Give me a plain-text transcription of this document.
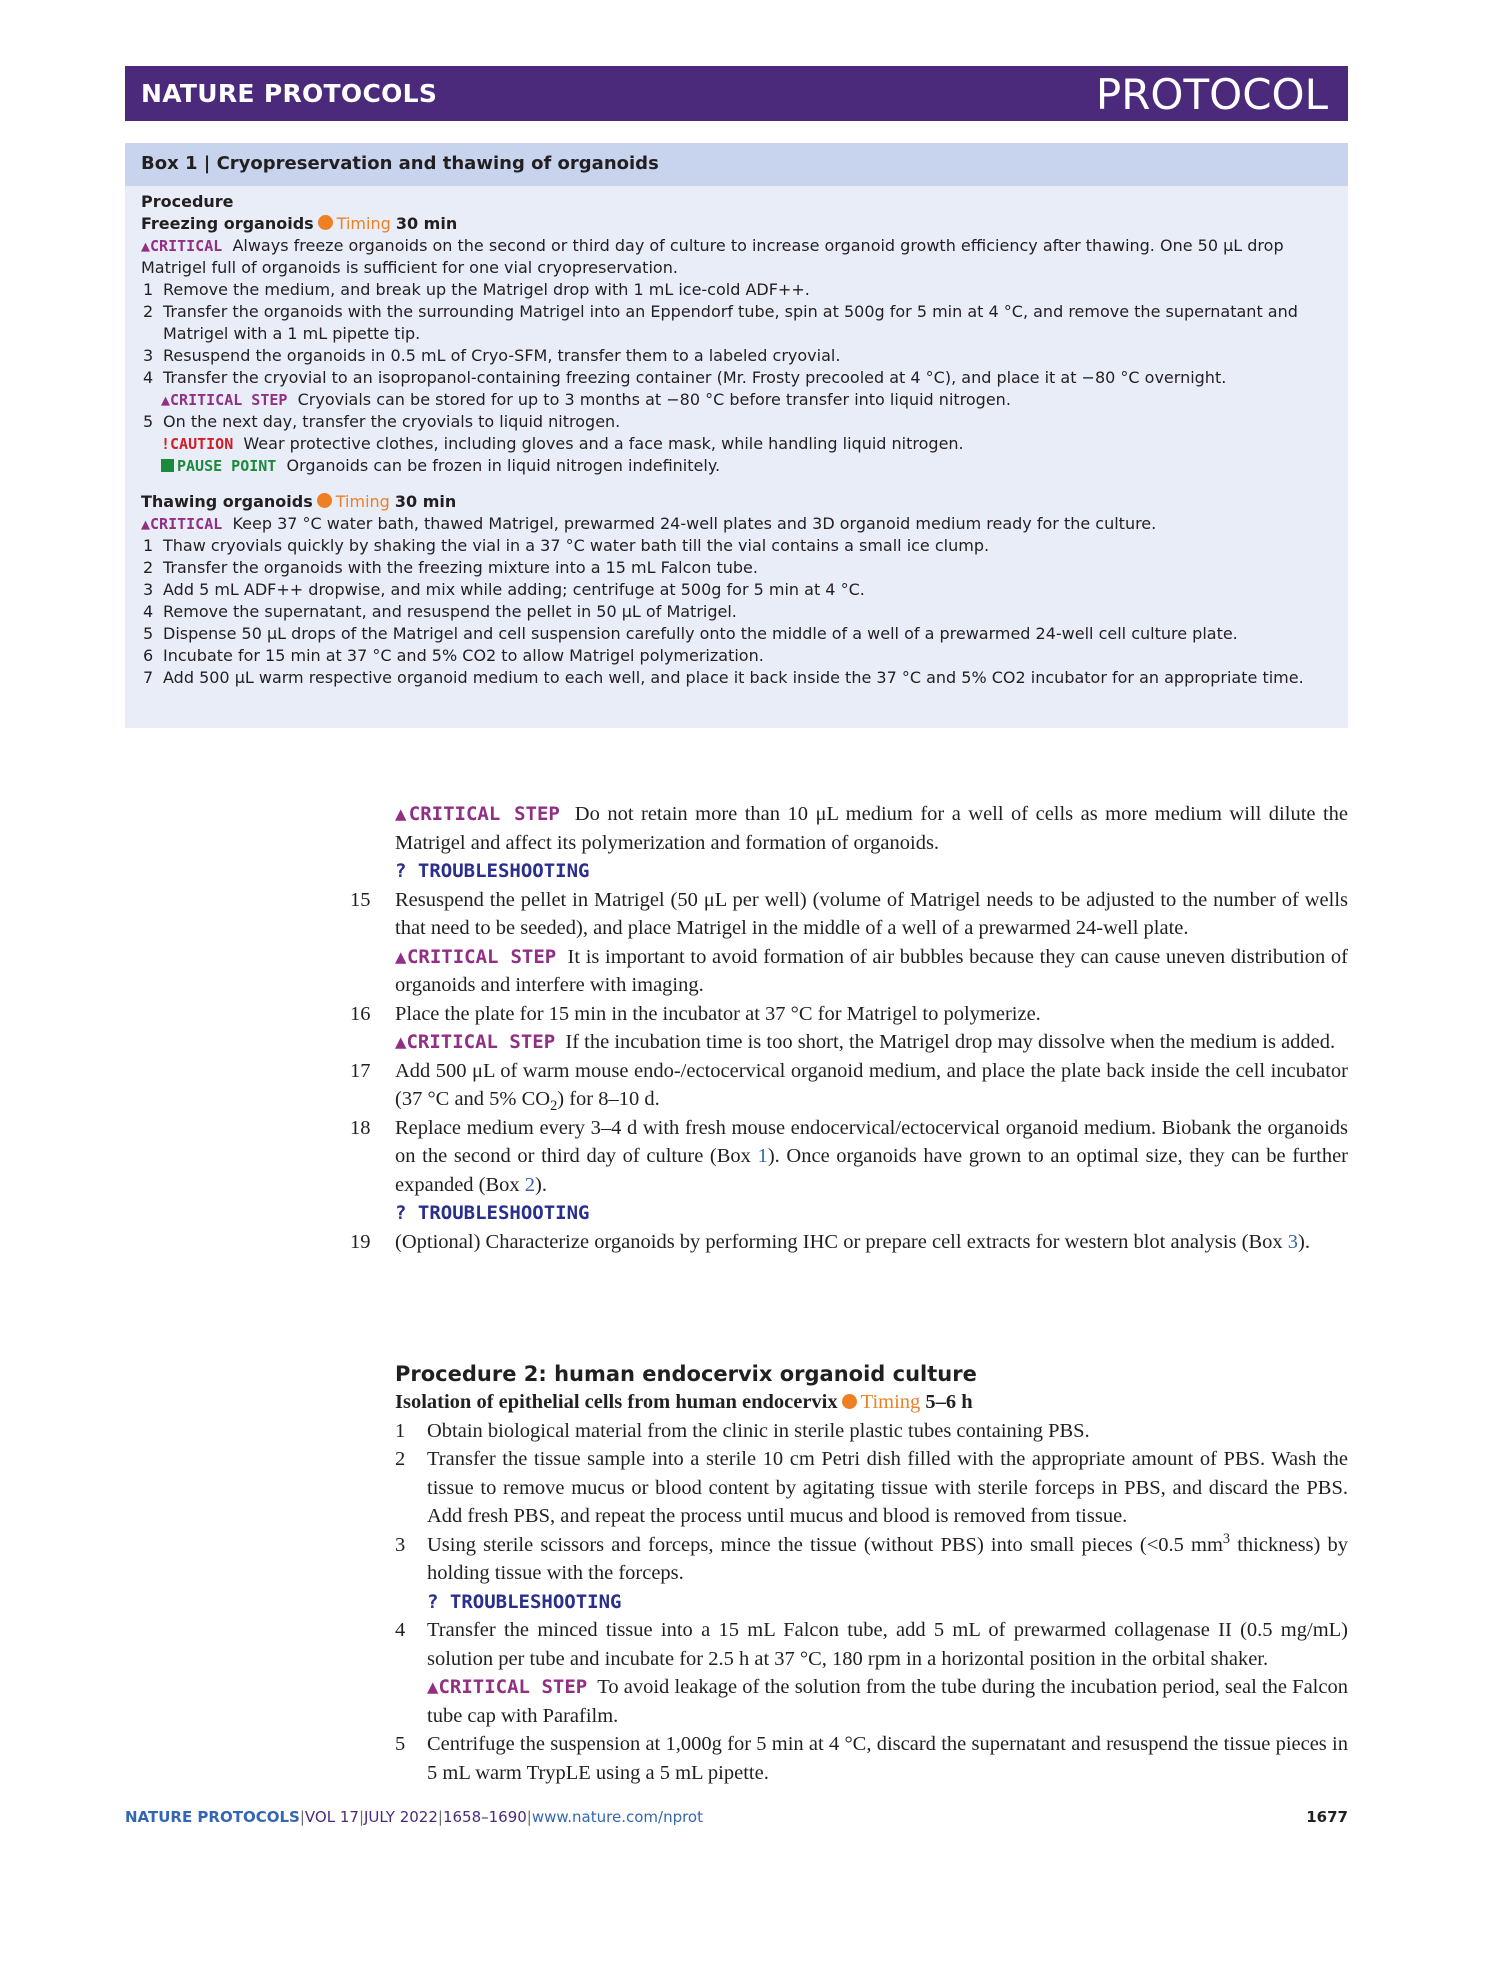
NATURE PROTOCOLS	PROTOCOL
Box 1 | Cryopreservation and thawing of organoids
Procedure
Freezing organoids Timing 30 min
▲CRITICAL Always freeze organoids on the second or third day of culture to increase organoid growth efficiency after thawing. One 50 μL drop Matrigel full of organoids is sufficient for one vial cryopreservation.
1 Remove the medium, and break up the Matrigel drop with 1 mL ice-cold ADF++.
2 Transfer the organoids with the surrounding Matrigel into an Eppendorf tube, spin at 500g for 5 min at 4 °C, and remove the supernatant and Matrigel with a 1 mL pipette tip.
3 Resuspend the organoids in 0.5 mL of Cryo-SFM, transfer them to a labeled cryovial.
4 Transfer the cryovial to an isopropanol-containing freezing container (Mr. Frosty precooled at 4 °C), and place it at −80 °C overnight.
▲CRITICAL STEP Cryovials can be stored for up to 3 months at −80 °C before transfer into liquid nitrogen.
5 On the next day, transfer the cryovials to liquid nitrogen.
!CAUTION Wear protective clothes, including gloves and a face mask, while handling liquid nitrogen.
PAUSE POINT Organoids can be frozen in liquid nitrogen indefinitely.
Thawing organoids Timing 30 min
▲CRITICAL Keep 37 °C water bath, thawed Matrigel, prewarmed 24-well plates and 3D organoid medium ready for the culture.
1 Thaw cryovials quickly by shaking the vial in a 37 °C water bath till the vial contains a small ice clump.
2 Transfer the organoids with the freezing mixture into a 15 mL Falcon tube.
3 Add 5 mL ADF++ dropwise, and mix while adding; centrifuge at 500g for 5 min at 4 °C.
4 Remove the supernatant, and resuspend the pellet in 50 μL of Matrigel.
5 Dispense 50 μL drops of the Matrigel and cell suspension carefully onto the middle of a well of a prewarmed 24-well cell culture plate.
6 Incubate for 15 min at 37 °C and 5% CO2 to allow Matrigel polymerization.
7 Add 500 μL warm respective organoid medium to each well, and place it back inside the 37 °C and 5% CO2 incubator for an appropriate time.
▲CRITICAL STEP Do not retain more than 10 μL medium for a well of cells as more medium will dilute the Matrigel and affect its polymerization and formation of organoids.
? TROUBLESHOOTING
15	Resuspend the pellet in Matrigel (50 μL per well) (volume of Matrigel needs to be adjusted to the number of wells that need to be seeded), and place Matrigel in the middle of a well of a prewarmed 24-well plate.
▲CRITICAL STEP It is important to avoid formation of air bubbles because they can cause uneven distribution of organoids and interfere with imaging.
16	Place the plate for 15 min in the incubator at 37 °C for Matrigel to polymerize.
▲CRITICAL STEP If the incubation time is too short, the Matrigel drop may dissolve when the medium is added.
17	Add 500 μL of warm mouse endo-/ectocervical organoid medium, and place the plate back inside the cell incubator (37 °C and 5% $CO_2$) for 8–10 d.
18	Replace medium every 3–4 d with fresh mouse endocervical/ectocervical organoid medium. Biobank the organoids on the second or third day of culture (Box 1). Once organoids have grown to an optimal size, they can be further expanded (Box 2).
? TROUBLESHOOTING
19	(Optional) Characterize organoids by performing IHC or prepare cell extracts for western blot analysis (Box 3).
Procedure 2: human endocervix organoid culture
Isolation of epithelial cells from human endocervix Timing 5–6 h
1	Obtain biological material from the clinic in sterile plastic tubes containing PBS.
2	Transfer the tissue sample into a sterile 10 cm Petri dish filled with the appropriate amount of PBS. Wash the tissue to remove mucus or blood content by agitating tissue with sterile forceps in PBS, and discard the PBS. Add fresh PBS, and repeat the process until mucus and blood is removed from tissue.
3	Using sterile scissors and forceps, mince the tissue (without PBS) into small pieces (<0.5 $mm^3$ thickness) by holding tissue with the forceps.
? TROUBLESHOOTING
4	Transfer the minced tissue into a 15 mL Falcon tube, add 5 mL of prewarmed collagenase II (0.5 mg/mL) solution per tube and incubate for 2.5 h at 37 °C, 180 rpm in a horizontal position in the orbital shaker.
▲CRITICAL STEP To avoid leakage of the solution from the tube during the incubation period, seal the Falcon tube cap with Parafilm.
5	Centrifuge the suspension at 1,000g for 5 min at 4 °C, discard the supernatant and resuspend the tissue pieces in 5 mL warm TrypLE using a 5 mL pipette.
NATURE PROTOCOLS|VOL 17|JULY 2022|1658–1690|www.nature.com/nprot	1677
